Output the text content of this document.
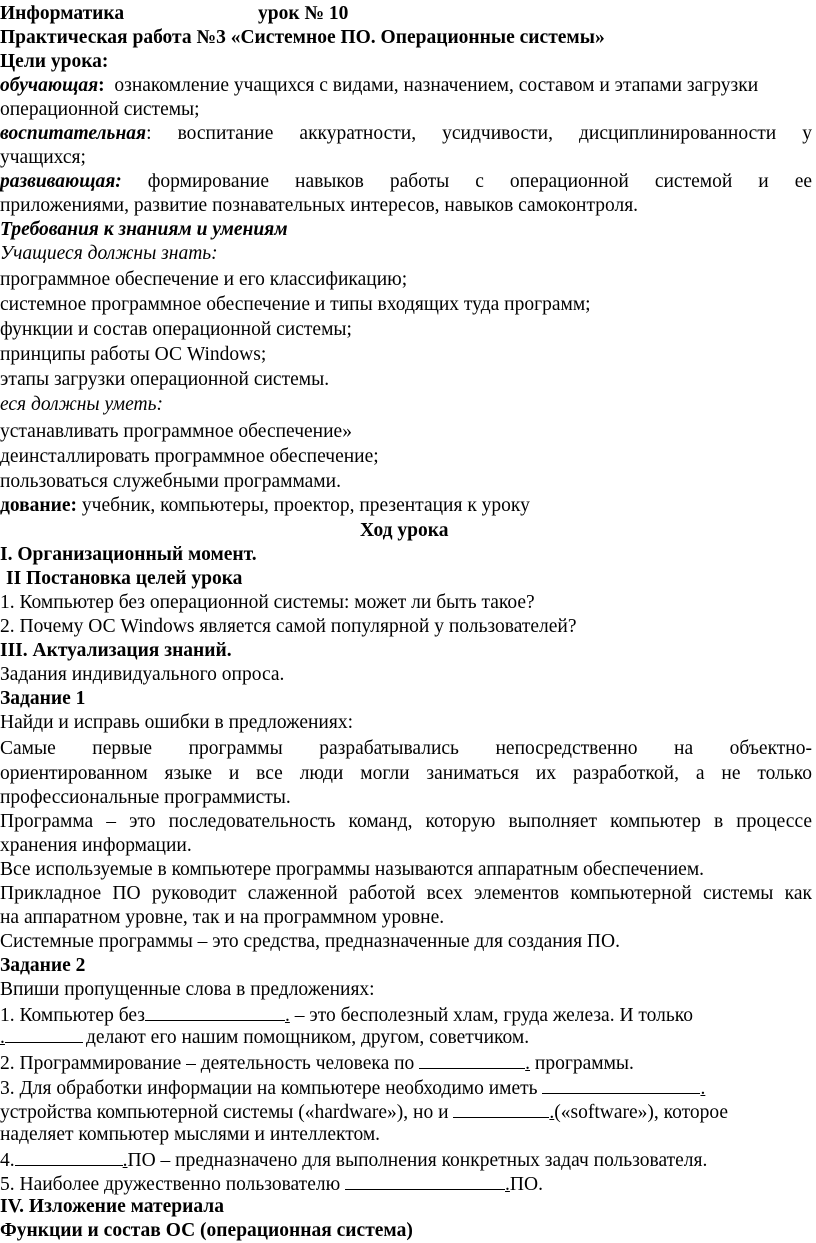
Информатика	урок № 10
Практическая работа №3 «Системное ПО. Операционные системы»
Цели урока:
обучающая: ознакомление учащихся с видами, назначением, составом и этапами загрузки
операционной системы;
воспитательная: воспитание аккуратности, усидчивости, дисциплинированности у
учащихся;
развивающая: формирование навыков работы с операционной системой и ее
приложениями, развитие познавательных интересов, навыков самоконтроля.
Требования к знаниям и умениям
Учащиеся должны знать:
программное обеспечение и его классификацию;
системное программное обеспечение и типы входящих туда программ;
функции и состав операционной системы;
принципы работы ОС Windows;
этапы загрузки операционной системы.
еся должны уметь:
устанавливать программное обеспечение»
деинсталлировать программное обеспечение;
пользоваться служебными программами.
дование: учебник, компьютеры, проектор, презентация к уроку
Ход урока
I. Организационный момент.
II Постановка целей урока
1. Компьютер без операционной системы: может ли быть такое?
2. Почему ОС Windows является самой популярной у пользователей?
III. Актуализация знаний.
Задания индивидуального опроса.
Задание 1
Найди и исправь ошибки в предложениях:
Самые первые программы разрабатывались непосредственно на объектно-
ориентированном языке и все люди могли заниматься их разработкой, а не только
профессиональные программисты.
Программа – это последовательность команд, которую выполняет компьютер в процессе
хранения информации.
Все используемые в компьютере программы называются аппаратным обеспечением.
Прикладное ПО руководит слаженной работой всех элементов компьютерной системы как
на аппаратном уровне, так и на программном уровне.
Системные программы – это средства, предназначенные для создания ПО.
Задание 2
Впиши пропущенные слова в предложениях:
1. Компьютер без	. – это бесполезный хлам, груда железа. И только
.	делают его нашим помощником, другом, советчиком.
2. Программирование – деятельность человека по	. программы.
3. Для обработки информации на компьютере необходимо иметь	.
устройства компьютерной системы («hardware»), но и	.(«software»), которое
наделяет компьютер мыслями и интеллектом.
4.	.ПО – предназначено для выполнения конкретных задач пользователя.
5. Наиболее дружественно пользователю	.ПО.
IV. Изложение материала
Функции и состав ОС (операционная система)
